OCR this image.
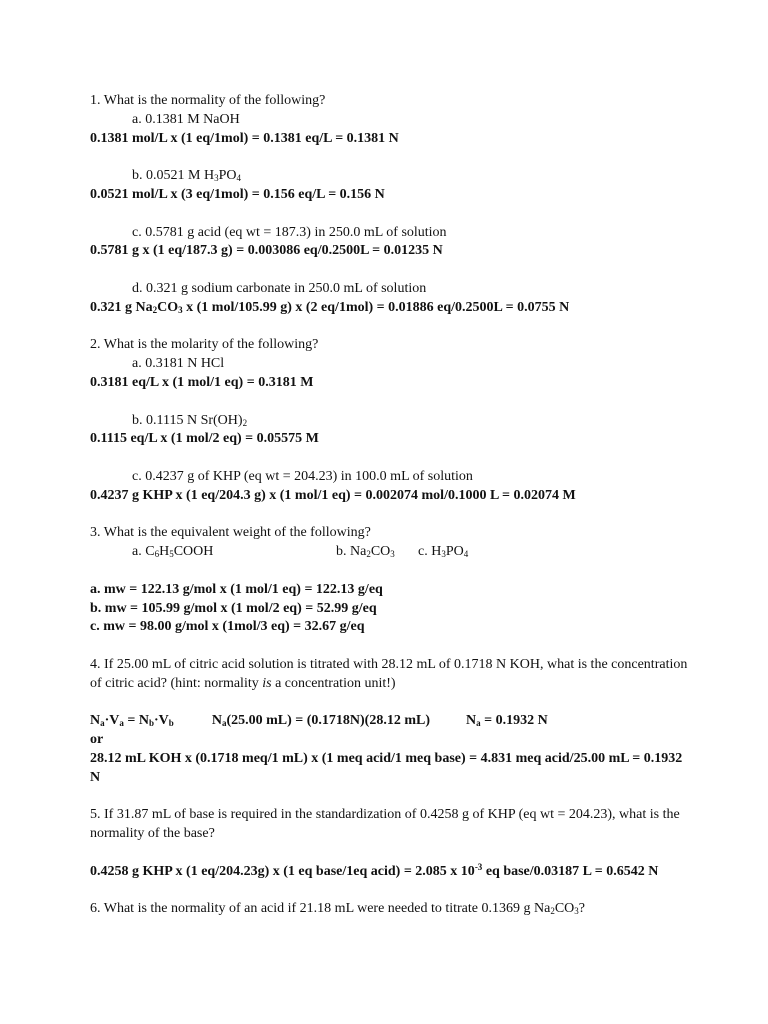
1. What is the normality of the following?
a. 0.1381 M NaOH
0.1381 mol/L x (1 eq/1mol) = 0.1381 eq/L = 0.1381 N
b. 0.0521 M $H_3PO_4$
0.0521 mol/L x (3 eq/1mol) = 0.156 eq/L = 0.156 N
c. 0.5781 g acid (eq wt = 187.3) in 250.0 mL of solution
0.5781 g x (1 eq/187.3 g) = 0.003086 eq/0.2500L = 0.01235 N
d. 0.321 g sodium carbonate in 250.0 mL of solution
0.321 g $Na_2CO_3$ x (1 mol/105.99 g) x (2 eq/1mol) = 0.01886 eq/0.2500L = 0.0755 N
2. What is the molarity of the following?
a. 0.3181 N HCl
0.3181 eq/L x (1 mol/1 eq) = 0.3181 M
b. 0.1115 N $Sr(OH)_2$
0.1115 eq/L x (1 mol/2 eq) = 0.05575 M
c. 0.4237 g of KHP (eq wt = 204.23) in 100.0 mL of solution
0.4237 g KHP x (1 eq/204.3 g) x (1 mol/1 eq) = 0.002074 mol/0.1000 L = 0.02074 M
3. What is the equivalent weight of the following?
a. $C_6H_5COOH$	b. $Na_2CO_3$	c. $H_3PO_4$
a. mw = 122.13 g/mol x (1 mol/1 eq) = 122.13 g/eq
b. mw = 105.99 g/mol x (1 mol/2 eq) = 52.99 g/eq
c. mw = 98.00 g/mol x (1mol/3 eq) = 32.67 g/eq
4. If 25.00 mL of citric acid solution is titrated with 28.12 mL of 0.1718 N KOH, what is the concentration of citric acid? (hint: normality is a concentration unit!)
$N_a\cdot V_a = N_b\cdot V_b$	$N_a(25.00$ mL) = (0.1718N)(28.12 mL)	$N_a = 0.1932$ N
or
28.12 mL KOH x (0.1718 meq/1 mL) x (1 meq acid/1 meq base) = 4.831 meq acid/25.00 mL = 0.1932 N
5. If 31.87 mL of base is required in the standardization of 0.4258 g of KHP (eq wt = 204.23), what is the normality of the base?
0.4258 g KHP x (1 eq/204.23g) x (1 eq base/1eq acid) = 2.085 x $10^{-3}$ eq base/0.03187 L = 0.6542 N
6. What is the normality of an acid if 21.18 mL were needed to titrate 0.1369 g $Na_2CO_3$?
